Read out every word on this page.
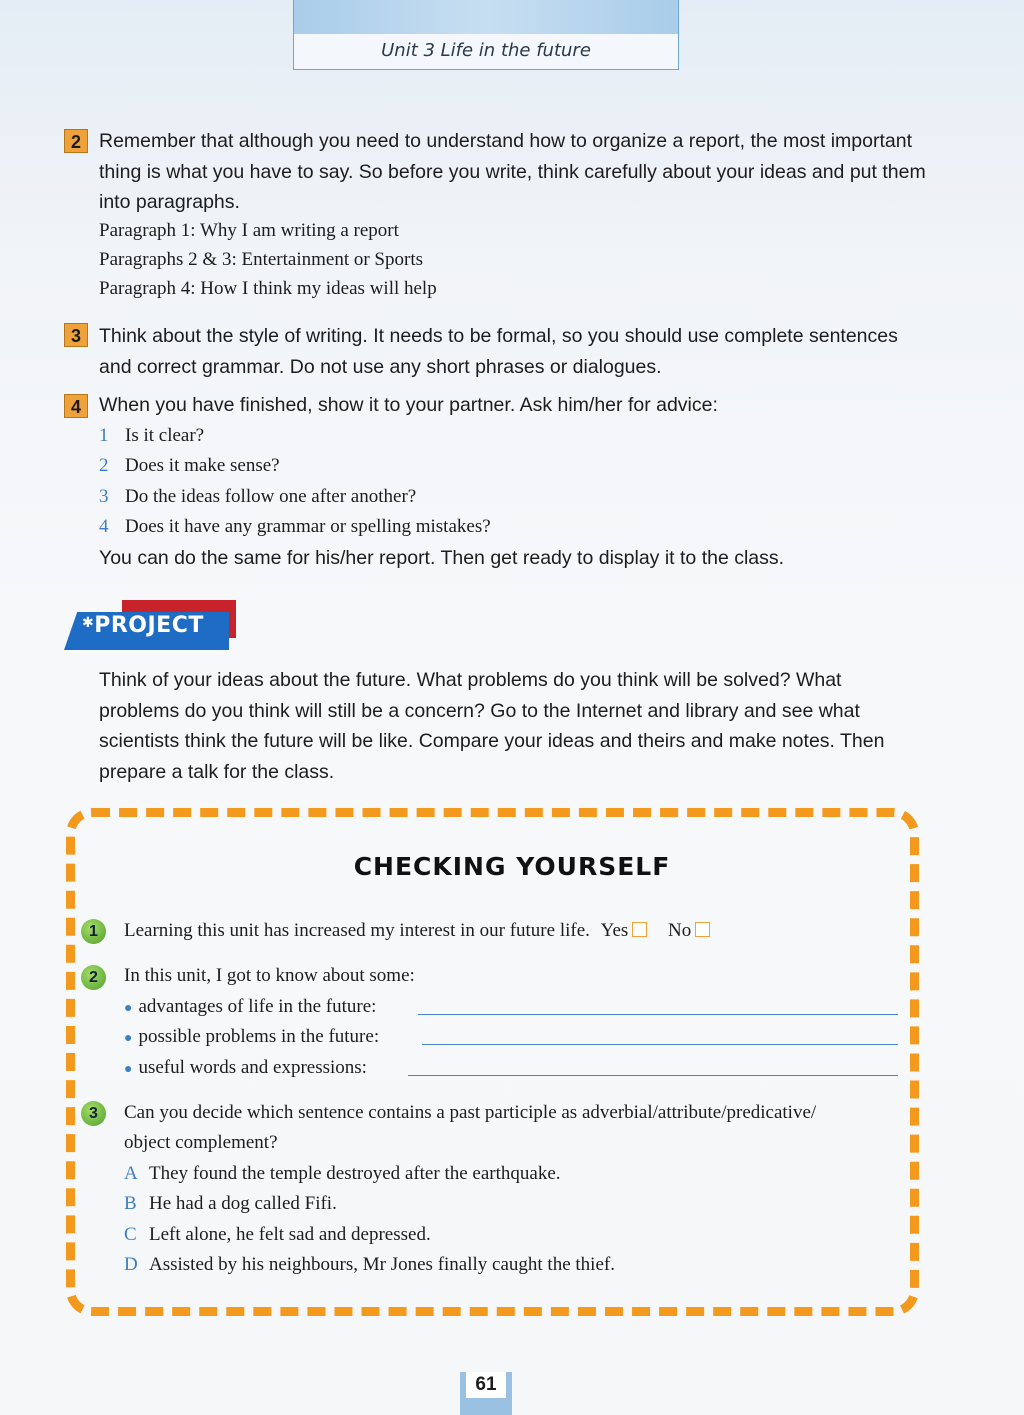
Unit 3 Life in the future
2 Remember that although you need to understand how to organize a report, the most important thing is what you have to say. So before you write, think carefully about your ideas and put them into paragraphs.
Paragraph 1: Why I am writing a report
Paragraphs 2 & 3: Entertainment or Sports
Paragraph 4: How I think my ideas will help
3 Think about the style of writing. It needs to be formal, so you should use complete sentences and correct grammar. Do not use any short phrases or dialogues.
4 When you have finished, show it to your partner. Ask him/her for advice:
1 Is it clear?
2 Does it make sense?
3 Do the ideas follow one after another?
4 Does it have any grammar or spelling mistakes?
You can do the same for his/her report. Then get ready to display it to the class.
✱PROJECT
Think of your ideas about the future. What problems do you think will be solved? What problems do you think will still be a concern? Go to the Internet and library and see what scientists think the future will be like. Compare your ideas and theirs and make notes. Then prepare a talk for the class.
CHECKING YOURSELF
1	Learning this unit has increased my interest in our future life. Yes No
2	In this unit, I got to know about some:
● advantages of life in the future:
● possible problems in the future:
● useful words and expressions:
3	Can you decide which sentence contains a past participle as adverbial/attribute/predicative/
object complement?
A They found the temple destroyed after the earthquake.
B He had a dog called Fifi.
C Left alone, he felt sad and depressed.
D Assisted by his neighbours, Mr Jones finally caught the thief.
61
